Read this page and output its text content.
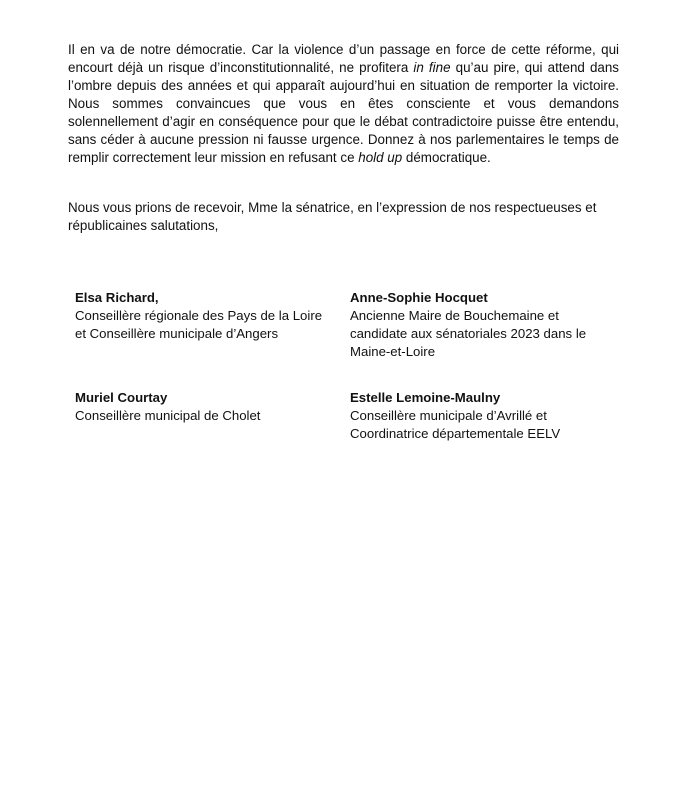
Il en va de notre démocratie. Car la violence d’un passage en force de cette réforme, qui encourt déjà un risque d’inconstitutionnalité, ne profitera in fine qu’au pire, qui attend dans l’ombre depuis des années et qui apparaît aujourd’hui en situation de remporter la victoire. Nous sommes convaincues que vous en êtes consciente et vous demandons solennellement d’agir en conséquence pour que le débat contradictoire puisse être entendu, sans céder à aucune pression ni fausse urgence. Donnez à nos parlementaires le temps de remplir correctement leur mission en refusant ce hold up démocratique.

Nous vous prions de recevoir, Mme la sénatrice, en l’expression de nos respectueuses et républicaines salutations,

Elsa Richard,
Conseillère régionale des Pays de la Loire
et Conseillère municipale d’Angers
Anne-Sophie Hocquet
Ancienne Maire de Bouchemaine et
candidate aux sénatoriales 2023 dans le
Maine-et-Loire
Muriel Courtay
Conseillère municipal de Cholet
Estelle Lemoine-Maulny
Conseillère municipale d’Avrillé et
Coordinatrice départementale EELV
